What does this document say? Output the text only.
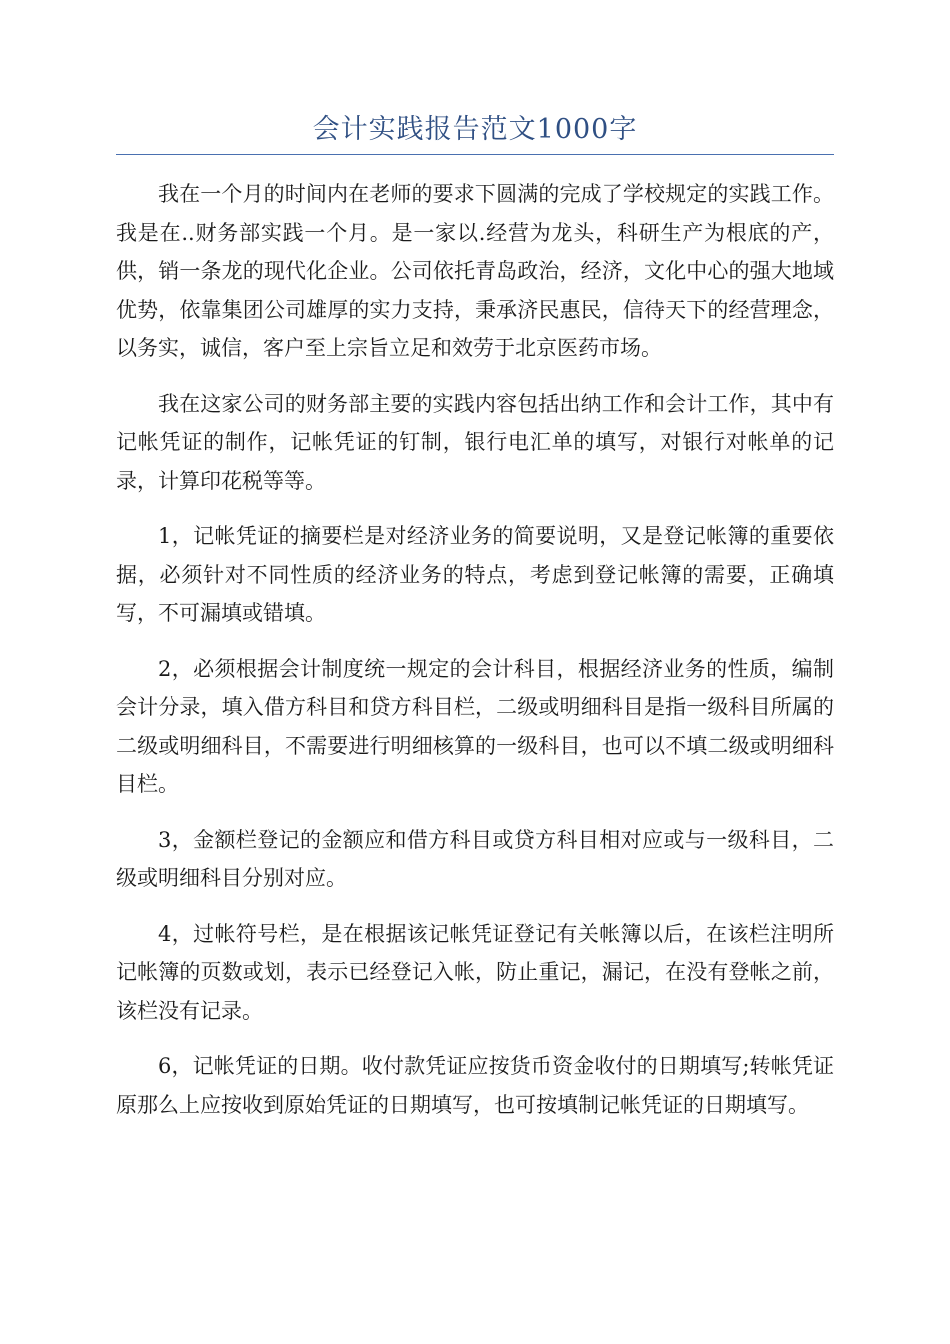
会计实践报告范文1000字

我在一个月的时间内在老师的要求下圆满的完成了学校规定的实践工作。我是在..财务部实践一个月。是一家以.经营为龙头，科研生产为根底的产，供，销一条龙的现代化企业。公司依托青岛政治，经济，文化中心的强大地域优势，依靠集团公司雄厚的实力支持，秉承济民惠民，信待天下的经营理念，以务实，诚信，客户至上宗旨立足和效劳于北京医药市场。

我在这家公司的财务部主要的实践内容包括出纳工作和会计工作，其中有记帐凭证的制作，记帐凭证的钉制，银行电汇单的填写，对银行对帐单的记录，计算印花税等等。

1，记帐凭证的摘要栏是对经济业务的简要说明，又是登记帐簿的重要依据，必须针对不同性质的经济业务的特点，考虑到登记帐簿的需要，正确填写，不可漏填或错填。

2，必须根据会计制度统一规定的会计科目，根据经济业务的性质，编制会计分录，填入借方科目和贷方科目栏，二级或明细科目是指一级科目所属的二级或明细科目，不需要进行明细核算的一级科目，也可以不填二级或明细科目栏。

3，金额栏登记的金额应和借方科目或贷方科目相对应或与一级科目，二级或明细科目分别对应。

4，过帐符号栏，是在根据该记帐凭证登记有关帐簿以后，在该栏注明所记帐簿的页数或划，表示已经登记入帐，防止重记，漏记，在没有登帐之前，该栏没有记录。

6，记帐凭证的日期。收付款凭证应按货币资金收付的日期填写;转帐凭证原那么上应按收到原始凭证的日期填写，也可按填制记帐凭证的日期填写。
